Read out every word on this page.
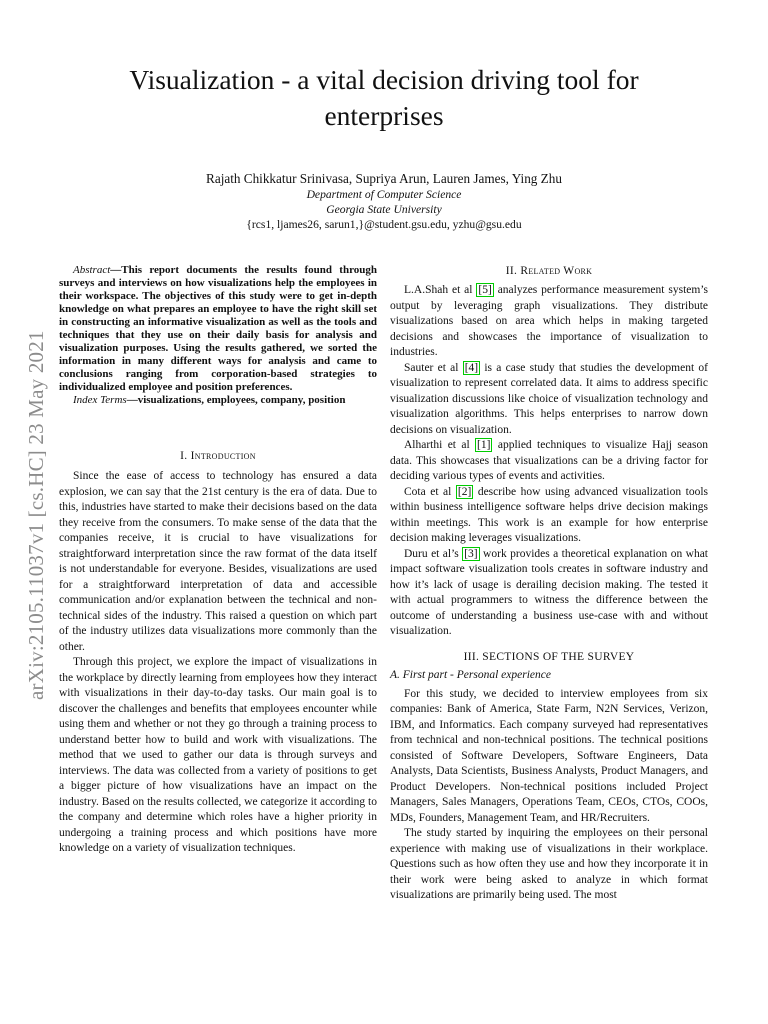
Visualization - a vital decision driving tool for
enterprises
Rajath Chikkatur Srinivasa, Supriya Arun, Lauren James, Ying Zhu
Department of Computer Science
Georgia State University
{rcs1, ljames26, sarun1,}@student.gsu.edu, yzhu@gsu.edu
arXiv:2105.11037v1 [cs.HC] 23 May 2021

Abstract—This report documents the results found through surveys and interviews on how visualizations help the employees in their workspace. The objectives of this study were to get in-depth knowledge on what prepares an employee to have the right skill set in constructing an informative visualization as well as the tools and techniques that they use on their daily basis for analysis and visualization purposes. Using the results gathered, we sorted the information in many different ways for analysis and came to conclusions ranging from corporation-based strategies to individualized employee and position preferences.

Index Terms—visualizations, employees, company, position

I. Introduction

Since the ease of access to technology has ensured a data explosion, we can say that the 21st century is the era of data. Due to this, industries have started to make their decisions based on the data they receive from the consumers. To make sense of the data that the companies receive, it is crucial to have visualizations for straightforward interpretation since the raw format of the data itself is not understandable for everyone. Besides, visualizations are used for a straightforward interpretation of data and accessible communication and/or explanation between the technical and non-technical sides of the industry. This raised a question on which part of the industry utilizes data visualizations more commonly than the other.

Through this project, we explore the impact of visualizations in the workplace by directly learning from employees how they interact with visualizations in their day-to-day tasks. Our main goal is to discover the challenges and benefits that employees encounter while using them and whether or not they go through a training process to understand better how to build and work with visualizations. The method that we used to gather our data is through surveys and interviews. The data was collected from a variety of positions to get a bigger picture of how visualizations have an impact on the industry. Based on the results collected, we categorize it according to the company and determine which roles have a higher priority in undergoing a training process and which positions have more knowledge on a variety of visualization techniques.

II. Related Work

L.A.Shah et al [5] analyzes performance measurement system’s output by leveraging graph visualizations. They distribute visualizations based on area which helps in making targeted decisions and showcases the importance of visualization to industries.

Sauter et al [4] is a case study that studies the development of visualization to represent correlated data. It aims to address specific visualization discussions like choice of visualization technology and visualization algorithms. This helps enterprises to narrow down decisions on visualization.

Alharthi et al [1] applied techniques to visualize Hajj season data. This showcases that visualizations can be a driving factor for deciding various types of events and activities.

Cota et al [2] describe how using advanced visualization tools within business intelligence software helps drive decision makings within meetings. This work is an example for how enterprise decision making leverages visualizations.

Duru et al’s [3] work provides a theoretical explanation on what impact software visualization tools creates in software industry and how it’s lack of usage is derailing decision making. The tested it with actual programmers to witness the difference between the outcome of understanding a business use-case with and without visualization.

III. SECTIONS OF THE SURVEY

A. First part - Personal experience

For this study, we decided to interview employees from six companies: Bank of America, State Farm, N2N Services, Verizon, IBM, and Informatics. Each company surveyed had representatives from technical and non-technical positions. The technical positions consisted of Software Developers, Software Engineers, Data Analysts, Data Scientists, Business Analysts, Product Managers, and Product Developers. Non-technical positions included Project Managers, Sales Managers, Operations Team, CEOs, CTOs, COOs, MDs, Founders, Management Team, and HR/Recruiters.

The study started by inquiring the employees on their personal experience with making use of visualizations in their workplace. Questions such as how often they use and how they incorporate it in their work were being asked to analyze in which format visualizations are primarily being used. The most
